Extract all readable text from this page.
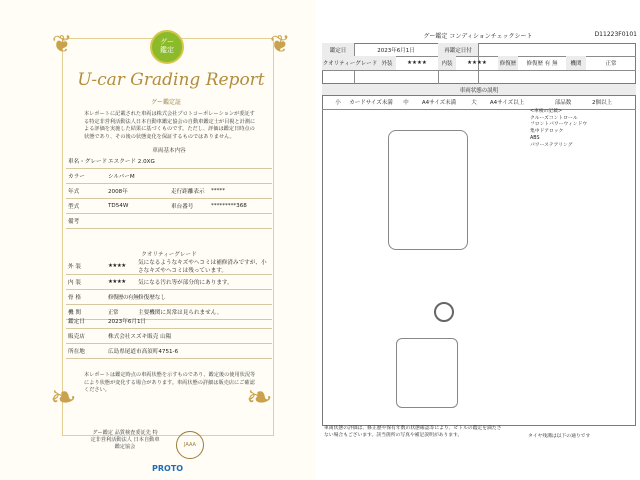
❦	❦
❧	❧
グー
鑑定
U-car Grading Report
グー鑑定証
本レポートに記載された車両は株式会社プロトコーポレーションが委託する特定非営利活動法人日本自動車鑑定協会の自動車鑑定士が目視と計測による評価を実施した結果に基づくものです。ただし、評価は鑑定日時点の状態であり、その後の状態変化を保証するものではありません。
車両基本内容
車名・グレード エスクード 2.0XG
カラー	シルバーM
年式	2008年	走行距離表示	*****
型式	TD54W	車台番号	*********368
備考
クオリティーグレード
外 装	★★★★	気になるようなキズやヘコミは補修済みですが、小さなキズやヘコミは残っています。
内 装	★★★★	気になる汚れ等が部分的にあります。
骨 格	修復歴の有無 修復歴なし
機 関	正常	主要機関に異常は見られません。
鑑定日	2023年6月1日
販売店	株式会社スズキ販売 山陽
所在地	広島県尾道市高須町4751-6
本レポートは鑑定時点の車両状態を示すものであり、鑑定後の使用状況等により状態が変化する場合があります。車両状態の詳細は販売店にご確認ください。
グー鑑定 品質検査委託先 特定非営利活動法人 日本自動車鑑定協会	JAAA
PROTO
グー鑑定 コンディションチェックシート	D11223F0101
鑑定日	2023年6月1日	再鑑定日付
クオリティーグレード 外装	★★★★	内装	★★★★	修復歴	修復歴 有 無	機関	正常
車両状態の説明
小	カードサイズ未満	中	A4サイズ未満	大	A4サイズ以上	部品数	2個以上
<車検の記載>
クルーズコントロール
フロントパワーウィンドウ
集中ドアロック
ABS
パワーステアリング
車両状態の評価は、修正歴や保有年数の状態確認等により、ビトルの鑑定を満たさない場合もございます。該当箇所の写真や補足説明があります。	タイヤ残溝は以下の通りです
